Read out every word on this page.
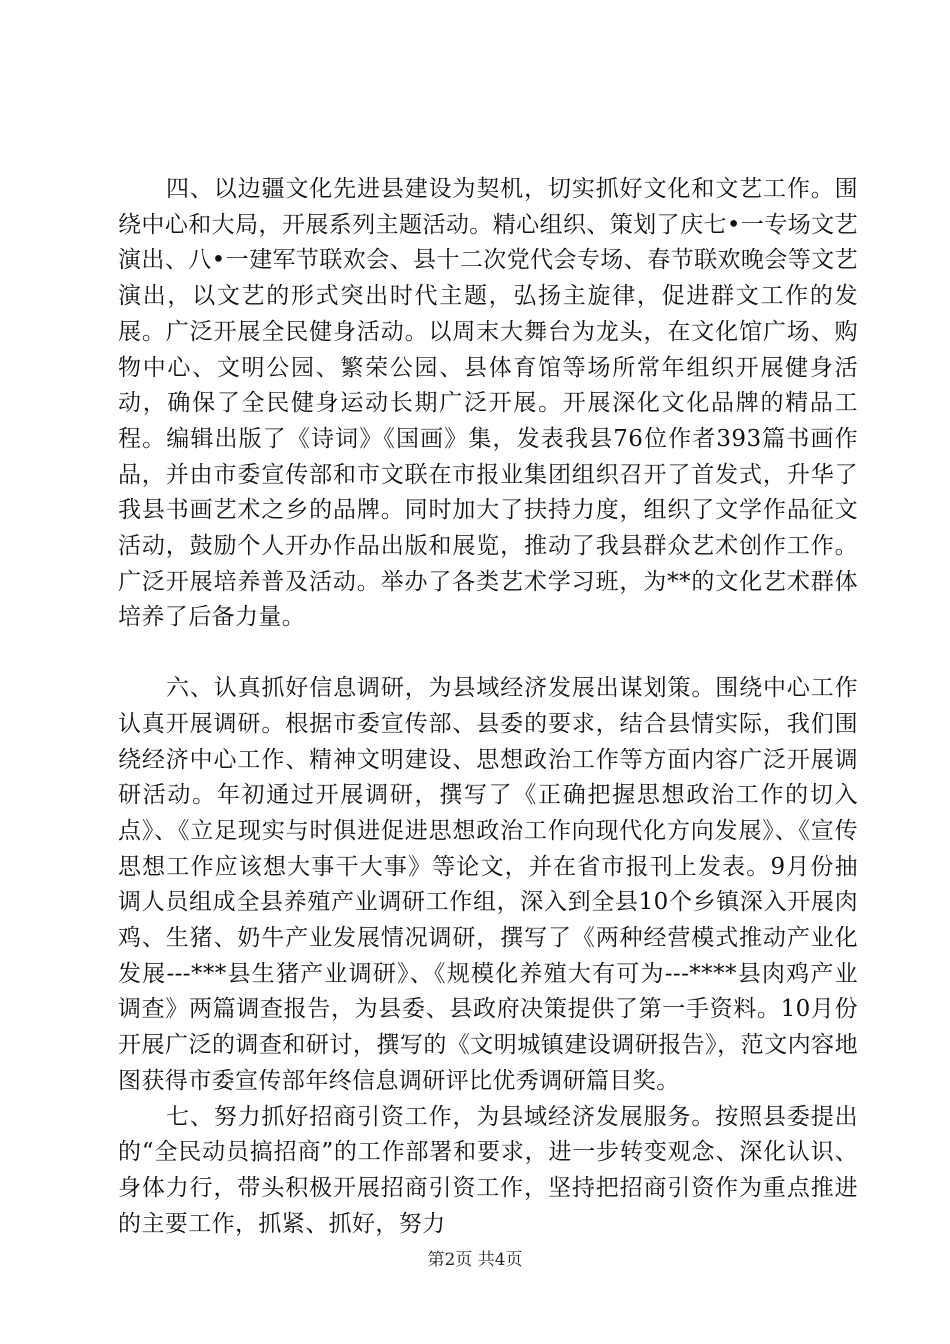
四、以边疆文化先进县建设为契机，切实抓好文化和文艺工作。围绕中心和大局，开展系列主题活动。精心组织、策划了庆七•一专场文艺演出、八•一建军节联欢会、县十二次党代会专场、春节联欢晚会等文艺演出，以文艺的形式突出时代主题，弘扬主旋律，促进群文工作的发展。广泛开展全民健身活动。以周末大舞台为龙头，在文化馆广场、购物中心、文明公园、繁荣公园、县体育馆等场所常年组织开展健身活动，确保了全民健身运动长期广泛开展。开展深化文化品牌的精品工程。编辑出版了《诗词》《国画》集，发表我县76位作者393篇书画作品，并由市委宣传部和市文联在市报业集团组织召开了首发式，升华了我县书画艺术之乡的品牌。同时加大了扶持力度，组织了文学作品征文活动，鼓励个人开办作品出版和展览，推动了我县群众艺术创作工作。广泛开展培养普及活动。举办了各类艺术学习班，为**的文化艺术群体培养了后备力量。

六、认真抓好信息调研，为县域经济发展出谋划策。围绕中心工作认真开展调研。根据市委宣传部、县委的要求，结合县情实际，我们围绕经济中心工作、精神文明建设、思想政治工作等方面内容广泛开展调研活动。年初通过开展调研，撰写了《正确把握思想政治工作的切入点》、《立足现实与时俱进促进思想政治工作向现代化方向发展》、《宣传思想工作应该想大事干大事》等论文，并在省市报刊上发表。9月份抽调人员组成全县养殖产业调研工作组，深入到全县10个乡镇深入开展肉鸡、生猪、奶牛产业发展情况调研，撰写了《两种经营模式推动产业化发展---***县生猪产业调研》、《规模化养殖大有可为---****县肉鸡产业调查》两篇调查报告，为县委、县政府决策提供了第一手资料。10月份开展广泛的调查和研讨，撰写的《文明城镇建设调研报告》，范文内容地图获得市委宣传部年终信息调研评比优秀调研篇目奖。

七、努力抓好招商引资工作，为县域经济发展服务。按照县委提出的“全民动员搞招商”的工作部署和要求，进一步转变观念、深化认识、身体力行，带头积极开展招商引资工作，坚持把招商引资作为重点推进的主要工作，抓紧、抓好，努力

第2页 共4页
